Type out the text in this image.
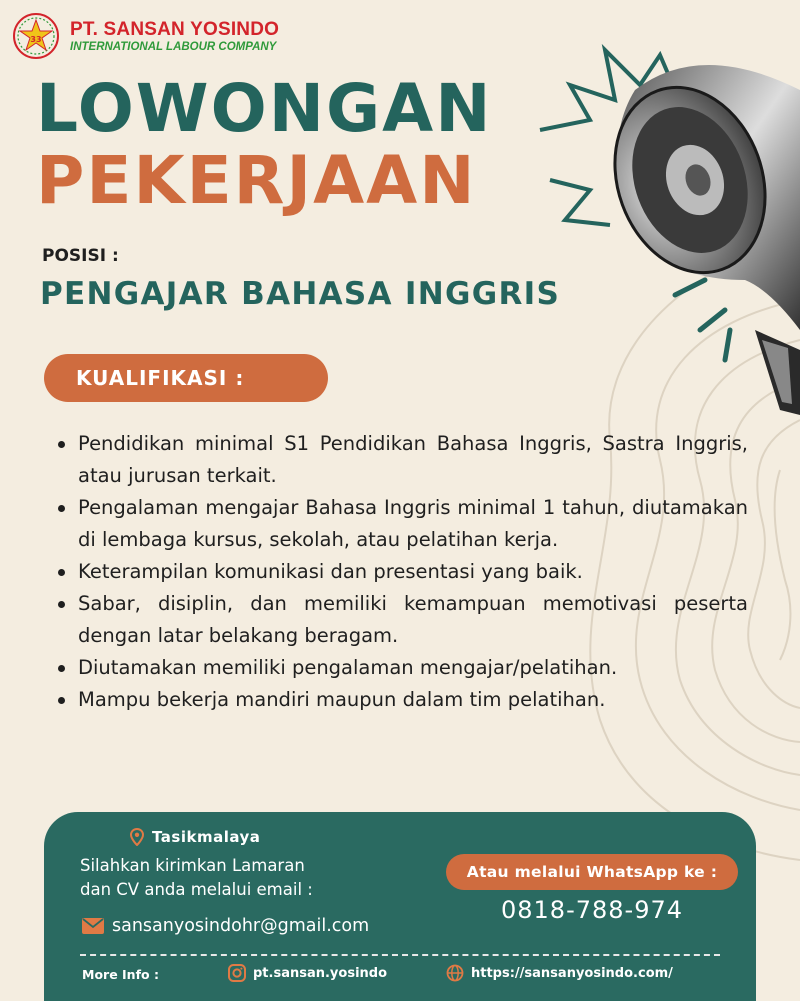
33 PT. SANSAN YOSINDO
INTERNATIONAL LABOUR COMPANY
LOWONGAN
PEKERJAAN
POSISI :
PENGAJAR BAHASA INGGRIS
KUALIFIKASI :
Pendidikan minimal S1 Pendidikan Bahasa Inggris, Sastra Inggris, atau jurusan terkait.
Pengalaman mengajar Bahasa Inggris minimal 1 tahun, diutamakan di lembaga kursus, sekolah, atau pelatihan kerja.
Keterampilan komunikasi dan presentasi yang baik.
Sabar, disiplin, dan memiliki kemampuan memotivasi peserta dengan latar belakang beragam.
Diutamakan memiliki pengalaman mengajar/pelatihan.
Mampu bekerja mandiri maupun dalam tim pelatihan.
Tasikmalaya
Silahkan kirimkan Lamaran
dan CV anda melalui email :
Atau melalui WhatsApp ke :
0818-788-974
sansanyosindohr@gmail.com
More Info :	pt.sansan.yosindo	https://sansanyosindo.com/
